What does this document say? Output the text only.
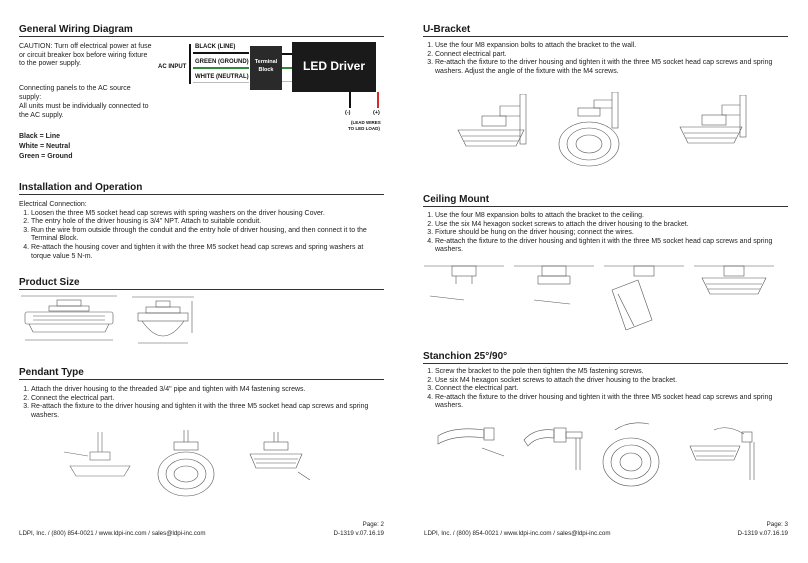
General Wiring Diagram
CAUTION: Turn off electrical power at fuse or circuit breaker box before wiring fixture to the power supply.
Connecting panels to the AC source supply:
All units must be individually connected to the AC supply.
Black = Line
White = Neutral
Green = Ground
AC INPUT
BLACK (LINE)
GREEN (GROUND)
WHITE (NEUTRAL)
Terminal
Block	LED Driver
(-)	(+)
(LEAD WIRES
TO LED LOAD)
Installation and Operation
Electrical Connection:
1. Loosen the three M5 socket head cap screws with spring washers on the driver housing Cover.
2. The entry hole of the driver housing is 3/4" NPT. Attach to suitable conduit.
3. Run the wire from outside through the conduit and the entry hole of driver housing, and then connect it to the Terminal Block.
4. Re-attach the housing cover and tighten it with the three M5 socket head cap screws and spring washers at torque value 5 N-m.
Product Size
Pendant Type
1. Attach the driver housing to the threaded 3/4" pipe and tighten with M4 fastening screws.
2. Connect the electrical part.
3. Re-attach the fixture to the driver housing and tighten it with the three M5 socket head cap screws and spring washers.
LDPI, Inc. / (800) 854-0021 / www.ldpi-inc.com / sales@ldpi-inc.com
Page: 2
D-1319 v.07.16.19
U-Bracket
1. Use the four M8 expansion bolts to attach the bracket to the wall.
2. Connect electrical part.
3. Re-attach the fixture to the driver housing and tighten it with the three M5 socket head cap screws and spring washers. Adjust the angle of the fixture with the M4 screws.
Ceiling Mount
1. Use the four M8 expansion bolts to attach the bracket to the ceiling.
2. Use the six M4 hexagon socket screws to attach the driver housing to the bracket.
3. Fixture should be hung on the driver housing; connect the wires.
4. Re-attach the fixture to the driver housing and tighten it with the three M5 socket head cap screws and spring washers.
Stanchion 25°/90°
1. Screw the bracket to the pole then tighten the M5 fastening screws.
2. Use six M4 hexagon socket screws to attach the driver housing to the bracket.
3. Connect the electrical part.
4. Re-attach the fixture to the driver housing and tighten it with the three M5 socket head cap screws and spring washers.
LDPI, Inc. / (800) 854-0021 / www.ldpi-inc.com / sales@ldpi-inc.com
Page: 3
D-1319 v.07.16.19
